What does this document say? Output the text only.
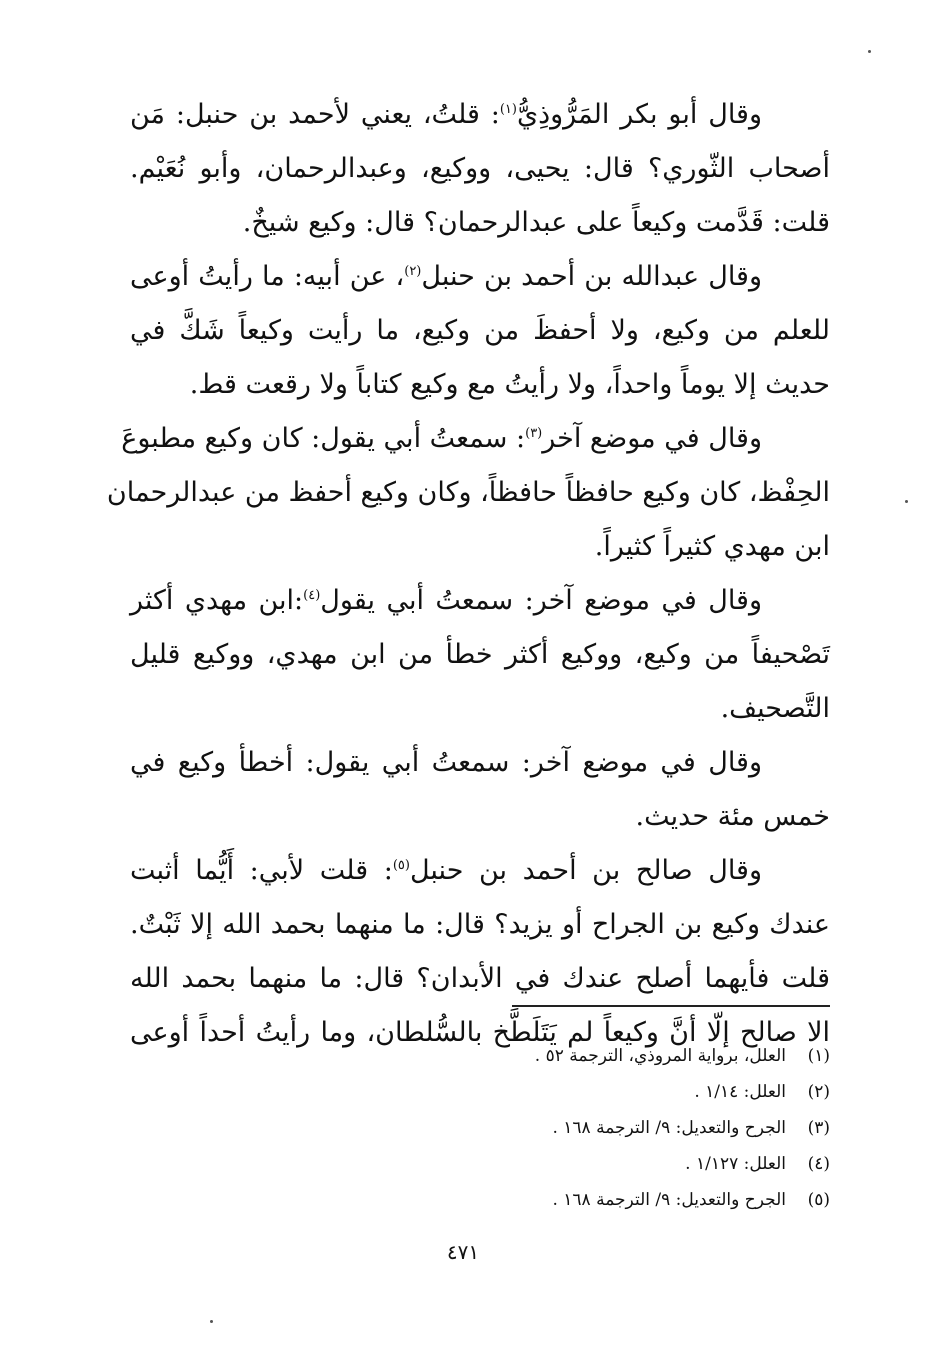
وقال أبو بكر المَرُّوذِيُّ$^{(١)}$: قلتُ، يعني لأحمد بن حنبل: مَن
أصحاب الثّوري؟ قال: يحيى، ووكيع، وعبدالرحمان، وأبو نُعَيْم.
قلت: قَدَّمت وكيعاً على عبدالرحمان؟ قال: وكيع شيخٌ.

وقال عبدالله بن أحمد بن حنبل$^{(٢)}$، عن أبيه: ما رأيتُ أوعى
للعلم من وكيع، ولا أحفظَ من وكيع، ما رأيت وكيعاً شَكَّ في
حديث إلا يوماً واحداً، ولا رأيتُ مع وكيع كتاباً ولا رقعت قط.

وقال في موضع آخر$^{(٣)}$: سمعتُ أبي يقول: كان وكيع مطبوعَ
الحِفْظ، كان وكيع حافظاً حافظاً، وكان وكيع أحفظ من عبدالرحمان
ابن مهدي كثيراً كثيراً.

وقال في موضع آخر: سمعتُ أبي يقول$^{(٤)}$:ابن مهدي أكثر
تَصْحيفاً من وكيع، ووكيع أكثر خطأ من ابن مهدي، ووكيع قليل
التَّصحيف.

وقال في موضع آخر: سمعتُ أبي يقول: أخطأ وكيع في
خمس مئة حديث.

وقال صالح بن أحمد بن حنبل$^{(٥)}$: قلت لأبي: أَيُّما أثبت
عندك وكيع بن الجراح أو يزيد؟ قال: ما منهما بحمد الله إلا ثَبْتٌ.
قلت فأيهما أصلح عندك في الأبدان؟ قال: ما منهما بحمد الله
الا صالح إلّا أنَّ وكيعاً لم يَتَلَطَّخ بالسُّلطان، وما رأيتُ أحداً أوعى

(١)العلل، برواية المروذي، الترجمة ٥٢ .
(٢)العلل: ١/١٤ .
(٣)الجرح والتعديل: ٩/ الترجمة ١٦٨ .
(٤)العلل: ١/١٢٧ .
(٥)الجرح والتعديل: ٩/ الترجمة ١٦٨ .
٤٧١
